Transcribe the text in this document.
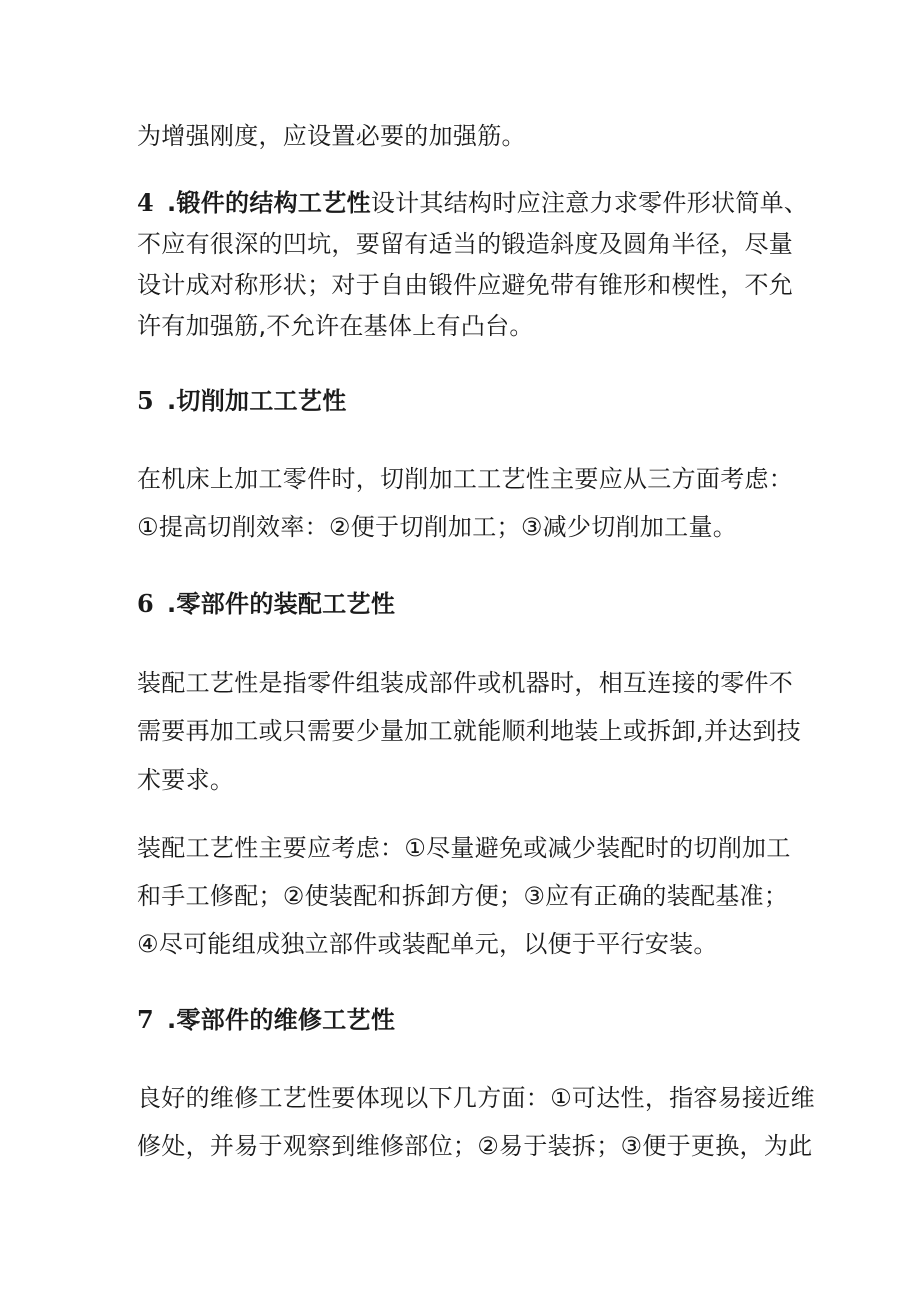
为增强刚度，应设置必要的加强筋。
4 .锻件的结构工艺性设计其结构时应注意力求零件形状简单、
不应有很深的凹坑，要留有适当的锻造斜度及圆角半径，尽量
设计成对称形状；对于自由锻件应避免带有锥形和楔性，不允
许有加强筋,不允许在基体上有凸台。
5 .切削加工工艺性
在机床上加工零件时，切削加工工艺性主要应从三方面考虑：
①提高切削效率：②便于切削加工；③减少切削加工量。
6 .零部件的装配工艺性
装配工艺性是指零件组装成部件或机器时，相互连接的零件不
需要再加工或只需要少量加工就能顺利地装上或拆卸,并达到技
术要求。
装配工艺性主要应考虑：①尽量避免或减少装配时的切削加工
和手工修配；②使装配和拆卸方便；③应有正确的装配基准；
④尽可能组成独立部件或装配单元，以便于平行安装。
7 .零部件的维修工艺性
良好的维修工艺性要体现以下几方面：①可达性，指容易接近维
修处，并易于观察到维修部位；②易于装拆；③便于更换，为此
